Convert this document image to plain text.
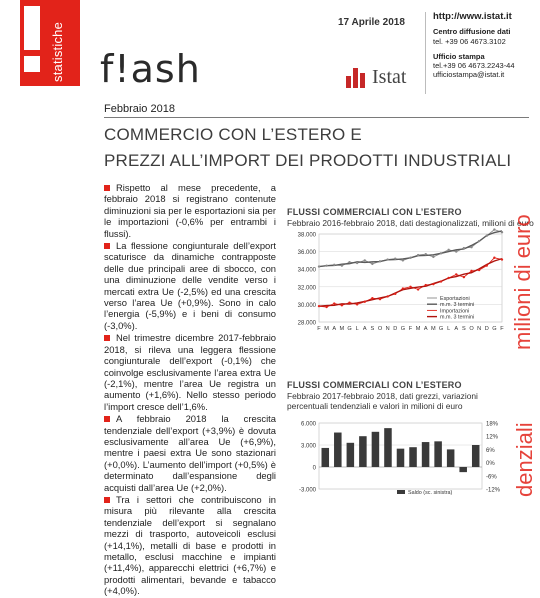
statistiche f!ash
17 Aprile 2018
http://www.istat.it
Centro diffusione dati
tel. +39 06 4673.3102
Ufficio stampa
tel.+39 06 4673.2243-44
ufficiostampa@istat.it
Istat
Febbraio 2018
COMMERCIO CON L’ESTERO E
PREZZI ALL’IMPORT DEI PRODOTTI INDUSTRIALI

Rispetto al mese precedente, a febbraio 2018 si registrano contenute diminuzioni sia per le esportazioni sia per le importazioni (-0,6% per entrambi i flussi).

La flessione congiunturale dell’export scaturisce da dinamiche contrapposte delle due principali aree di sbocco, con una diminuzione delle vendite verso i mercati extra Ue (-2,5%) ed una crescita verso l’area Ue (+0,9%). Sono in calo l’energia (-5,9%) e i beni di consumo (-3,0%).

Nel trimestre dicembre 2017-febbraio 2018, si rileva una leggera flessione congiunturale dell’export (-0,1%) che coinvolge esclusivamente l’area extra Ue (-2,1%), mentre l’area Ue registra un aumento (+1,6%). Nello stesso periodo l’import cresce dell’1,6%.

A febbraio 2018 la crescita tendenziale dell’export (+3,9%) è dovuta esclusivamente all’area Ue (+6,9%), mentre i paesi extra Ue sono stazionari (+0,0%). L’aumento dell’import (+0,5%) è determinato dall’espansione degli acquisti dall’area Ue (+2,0%).

Tra i settori che contribuiscono in misura più rilevante alla crescita tendenziale dell’export si segnalano mezzi di trasporto, autoveicoli esclusi (+14,1%), metalli di base e prodotti in metallo, esclusi macchine e impianti (+11,4%), apparecchi elettrici (+6,7%) e prodotti alimentari, bevande e tabacco (+4,0%).

FLUSSI COMMERCIALI CON L’ESTERO
Febbraio 2016-febbraio 2018, dati destagionalizzati, milioni di euro
38.000
36.000
34.000
32.000
30.000
28.000
F M A M G L A S O N D G F M A M G L A S O N D G F
Esportazioni
m.m. 3 termini
Importazioni
m.m. 3 termini milioni di euro
FLUSSI COMMERCIALI CON L’ESTERO
Febbraio 2017-febbraio 2018, dati grezzi, variazioni percentuali tendenziali e valori in milioni di euro
6.000
3.000
0
-3.000
18%
12%
6%
0%
-6%
-12%
Saldo (sc. sinistra)	denziali
